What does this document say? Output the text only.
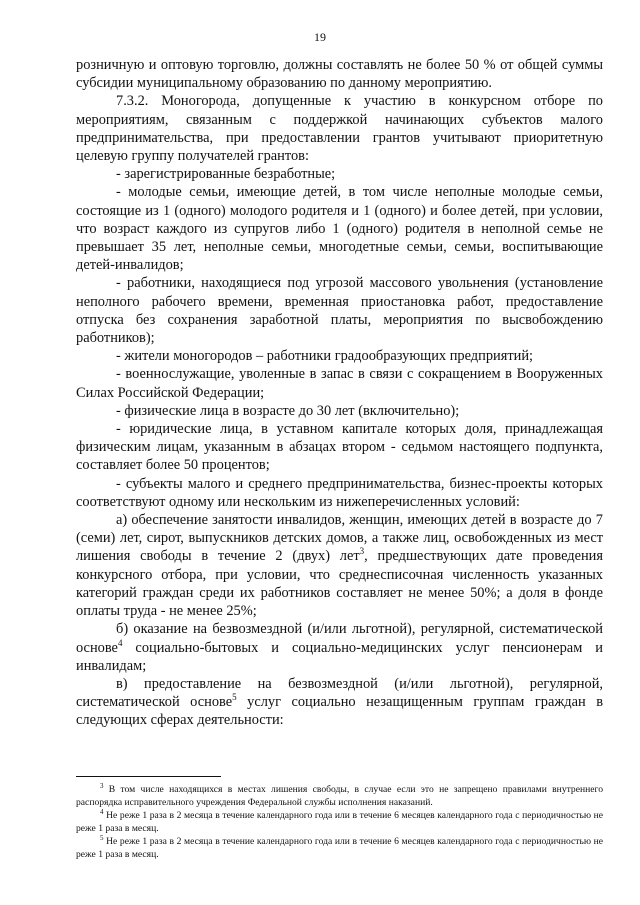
19

розничную и оптовую торговлю, должны составлять не более 50 % от общей суммы субсидии муниципальному образованию по данному мероприятию.

7.3.2. Моногорода, допущенные к участию в конкурсном отборе по мероприятиям, связанным с поддержкой начинающих субъектов малого предпринимательства, при предоставлении грантов учитывают приоритетную целевую группу получателей грантов:

- зарегистрированные безработные;

- молодые семьи, имеющие детей, в том числе неполные молодые семьи, состоящие из 1 (одного) молодого родителя и 1 (одного) и более детей, при условии, что возраст каждого из супругов либо 1 (одного) родителя в неполной семье не превышает 35 лет, неполные семьи, многодетные семьи, семьи, воспитывающие детей-инвалидов;

- работники, находящиеся под угрозой массового увольнения (установление неполного рабочего времени, временная приостановка работ, предоставление отпуска без сохранения заработной платы, мероприятия по высвобождению работников);

- жители моногородов – работники градообразующих предприятий;

- военнослужащие, уволенные в запас в связи с сокращением в Вооруженных Силах Российской Федерации;

- физические лица в возрасте до 30 лет (включительно);

- юридические лица, в уставном капитале которых доля, принадлежащая физическим лицам, указанным в абзацах втором - седьмом настоящего подпункта, составляет более 50 процентов;

- субъекты малого и среднего предпринимательства, бизнес-проекты которых соответствуют одному или нескольким из нижеперечисленных условий:

а) обеспечение занятости инвалидов, женщин, имеющих детей в возрасте до 7 (семи) лет, сирот, выпускников детских домов, а также лиц, освобожденных из мест лишения свободы в течение 2 (двух) лет$^3$, предшествующих дате проведения конкурсного отбора, при условии, что среднесписочная численность указанных категорий граждан среди их работников составляет не менее 50%; а доля в фонде оплаты труда - не менее 25%;

б) оказание на безвозмездной (и/или льготной), регулярной, систематической основе$^4$ социально-бытовых и социально-медицинских услуг пенсионерам и инвалидам;

в) предоставление на безвозмездной (и/или льготной), регулярной, систематической основе$^5$ услуг социально незащищенным группам граждан в следующих сферах деятельности:

$^3$ В том числе находящихся в местах лишения свободы, в случае если это не запрещено правилами внутреннего распорядка исправительного учреждения Федеральной службы исполнения наказаний.

$^4$ Не реже 1 раза в 2 месяца в течение календарного года или в течение 6 месяцев календарного года с периодичностью не реже 1 раза в месяц.

$^5$ Не реже 1 раза в 2 месяца в течение календарного года или в течение 6 месяцев календарного года с периодичностью не реже 1 раза в месяц.
